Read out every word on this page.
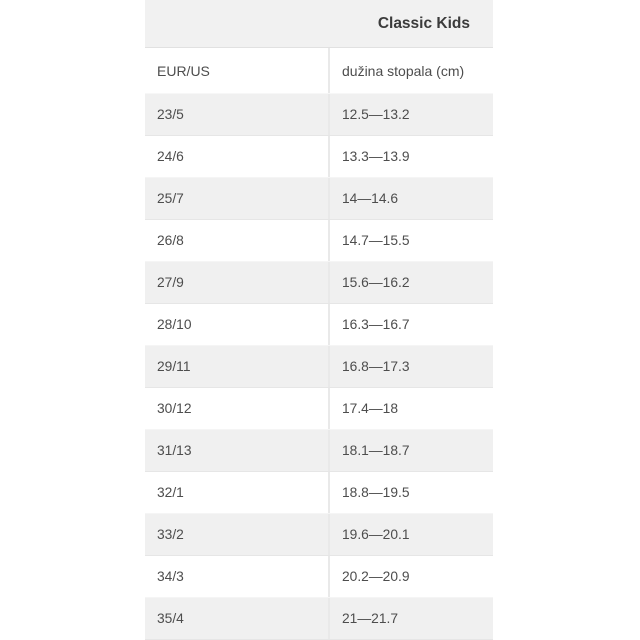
Classic Kids
EUR/US	dužina stopala (cm)
23/5	12.5—13.2
24/6	13.3—13.9
25/7	14—14.6
26/8	14.7—15.5
27/9	15.6—16.2
28/10	16.3—16.7
29/11	16.8—17.3
30/12	17.4—18
31/13	18.1—18.7
32/1	18.8—19.5
33/2	19.6—20.1
34/3	20.2—20.9
35/4	21—21.7
